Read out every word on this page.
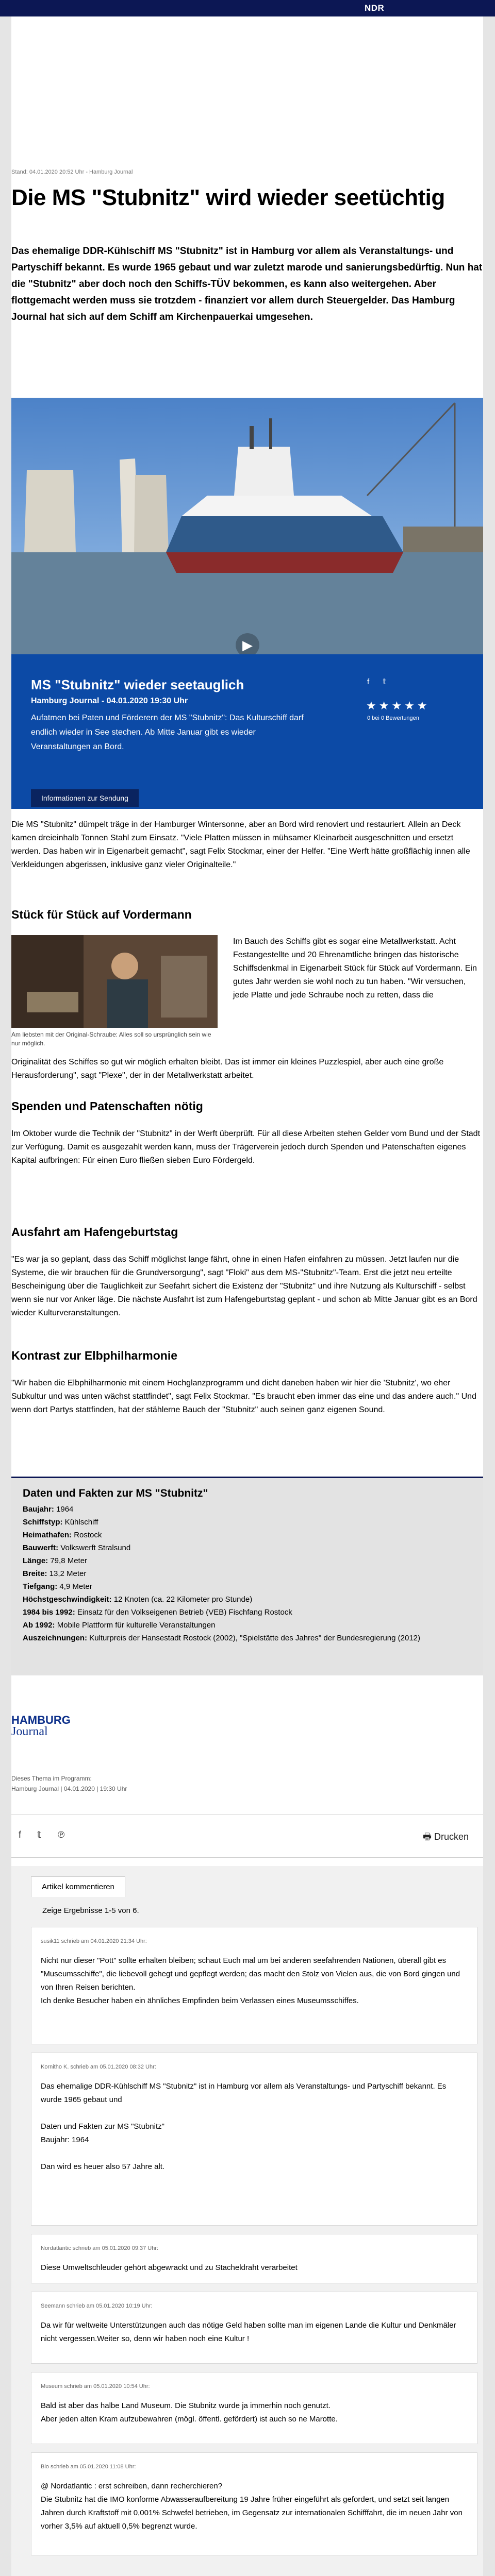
NDR
Stand: 04.01.2020 20:52 Uhr - Hamburg Journal
Die MS "Stubnitz" wird wieder seetüchtig

Das ehemalige DDR-Kühlschiff MS "Stubnitz" ist in Hamburg vor allem als Veranstaltungs- und Partyschiff bekannt. Es wurde 1965 gebaut und war zuletzt marode und sanierungsbedürftig. Nun hat die "Stubnitz" aber doch noch den Schiffs-TÜV bekommen, es kann also weitergehen. Aber flottgemacht werden muss sie trotzdem - finanziert vor allem durch Steuergelder. Das Hamburg Journal hat sich auf dem Schiff am Kirchenpauerkai umgesehen.

▶
MS "Stubnitz" wieder seetauglich
Hamburg Journal - 04.01.2020 19:30 Uhr
Aufatmen bei Paten und Förderern der MS "Stubnitz": Das Kulturschiff darf endlich wieder in See stechen. Ab Mitte Januar gibt es wieder Veranstaltungen an Bord.
Informationen zur Sendung
f 𝕥
★★★★★
0 bei 0 Bewertungen

Die MS "Stubnitz" dümpelt träge in der Hamburger Wintersonne, aber an Bord wird renoviert und restauriert. Allein an Deck kamen dreieinhalb Tonnen Stahl zum Einsatz. "Viele Platten müssen in mühsamer Kleinarbeit ausgeschnitten und ersetzt werden. Das haben wir in Eigenarbeit gemacht", sagt Felix Stockmar, einer der Helfer. "Eine Werft hätte großflächig innen alle Verkleidungen abgerissen, inklusive ganz vieler Originalteile."

Stück für Stück auf Vordermann
Am liebsten mit der Original-Schraube: Alles soll so ursprünglich sein wie nur möglich.

Im Bauch des Schiffs gibt es sogar eine Metallwerkstatt. Acht Festangestellte und 20 Ehrenamtliche bringen das historische Schiffsdenkmal in Eigenarbeit Stück für Stück auf Vordermann. Ein gutes Jahr werden sie wohl noch zu tun haben. "Wir versuchen, jede Platte und jede Schraube noch zu retten, dass die

Originalität des Schiffes so gut wir möglich erhalten bleibt. Das ist immer ein kleines Puzzlespiel, aber auch eine große Herausforderung", sagt "Plexe", der in der Metallwerkstatt arbeitet.

Spenden und Patenschaften nötig

Im Oktober wurde die Technik der "Stubnitz" in der Werft überprüft. Für all diese Arbeiten stehen Gelder vom Bund und der Stadt zur Verfügung. Damit es ausgezahlt werden kann, muss der Trägerverein jedoch durch Spenden und Patenschaften eigenes Kapital aufbringen: Für einen Euro fließen sieben Euro Fördergeld.

Ausfahrt am Hafengeburtstag

"Es war ja so geplant, dass das Schiff möglichst lange fährt, ohne in einen Hafen einfahren zu müssen. Jetzt laufen nur die Systeme, die wir brauchen für die Grundversorgung", sagt "Floki" aus dem MS-"Stubnitz"-Team. Erst die jetzt neu erteilte Bescheinigung über die Tauglichkeit zur Seefahrt sichert die Existenz der "Stubnitz" und ihre Nutzung als Kulturschiff - selbst wenn sie nur vor Anker läge. Die nächste Ausfahrt ist zum Hafengeburtstag geplant - und schon ab Mitte Januar gibt es an Bord wieder Kulturveranstaltungen.

Kontrast zur Elbphilharmonie

"Wir haben die Elbphilharmonie mit einem Hochglanzprogramm und dicht daneben haben wir hier die 'Stubnitz', wo eher Subkultur und was unten wächst stattfindet", sagt Felix Stockmar. "Es braucht eben immer das eine und das andere auch." Und wenn dort Partys stattfinden, hat der stählerne Bauch der "Stubnitz" auch seinen ganz eigenen Sound.

Daten und Fakten zur MS "Stubnitz"
Baujahr: 1964
Schiffstyp: Kühlschiff
Heimathafen: Rostock
Bauwerft: Volkswerft Stralsund
Länge: 79,8 Meter
Breite: 13,2 Meter
Tiefgang: 4,9 Meter
Höchstgeschwindigkeit: 12 Knoten (ca. 22 Kilometer pro Stunde)
1984 bis 1992: Einsatz für den Volkseigenen Betrieb (VEB) Fischfang Rostock
Ab 1992: Mobile Plattform für kulturelle Veranstaltungen
Auszeichnungen: Kulturpreis der Hansestadt Rostock (2002), "Spielstätte des Jahres" der Bundesregierung (2012)
HAMBURG
Journal
Dieses Thema im Programm:
Hamburg Journal | 04.01.2020 | 19:30 Uhr
f 𝕥 ℗	🖶 Drucken
Artikel kommentieren
Zeige Ergebnisse 1-5 von 6.
susik11 schrieb am 04.01.2020 21:34 Uhr:
Nicht nur dieser "Pott" sollte erhalten bleiben; schaut Euch mal um bei anderen seefahrenden Nationen, überall gibt es "Museumsschiffe", die liebevoll gehegt und gepflegt werden; das macht den Stolz von Vielen aus, die von Bord gingen und von Ihren Reisen berichten.
Ich denke Besucher haben ein ähnliches Empfinden beim Verlassen eines Museumsschiffes.
Kornitho K. schrieb am 05.01.2020 08:32 Uhr:
Das ehemalige DDR-Kühlschiff MS "Stubnitz" ist in Hamburg vor allem als Veranstaltungs- und Partyschiff bekannt. Es wurde 1965 gebaut und

Daten und Fakten zur MS "Stubnitz"
Baujahr: 1964

Dan wird es heuer also 57 Jahre alt.
Nordatlantic schrieb am 05.01.2020 09:37 Uhr:
Diese Umweltschleuder gehört abgewrackt und zu Stacheldraht verarbeitet
Seemann schrieb am 05.01.2020 10:19 Uhr:
Da wir für weltweite Unterstützungen auch das nötige Geld haben sollte man im eigenen Lande die Kultur und Denkmäler nicht vergessen.Weiter so, denn wir haben noch eine Kultur !
Museum schrieb am 05.01.2020 10:54 Uhr:
Bald ist aber das halbe Land Museum. Die Stubnitz wurde ja immerhin noch genutzt.
Aber jeden alten Kram aufzubewahren (mögl. öffentl. gefördert) ist auch so ne Marotte.
Bio schrieb am 05.01.2020 11:08 Uhr:
@ Nordatlantic : erst schreiben, dann recherchieren?
Die Stubnitz hat die IMO konforme Abwasseraufbereitung 19 Jahre früher eingeführt als gefordert, und setzt seit langen Jahren durch Kraftstoff mit 0,001% Schwefel betrieben, im Gegensatz zur internationalen Schifffahrt, die im neuen Jahr von vorher 3,5% auf aktuell 0,5% begrenzt wurde.
